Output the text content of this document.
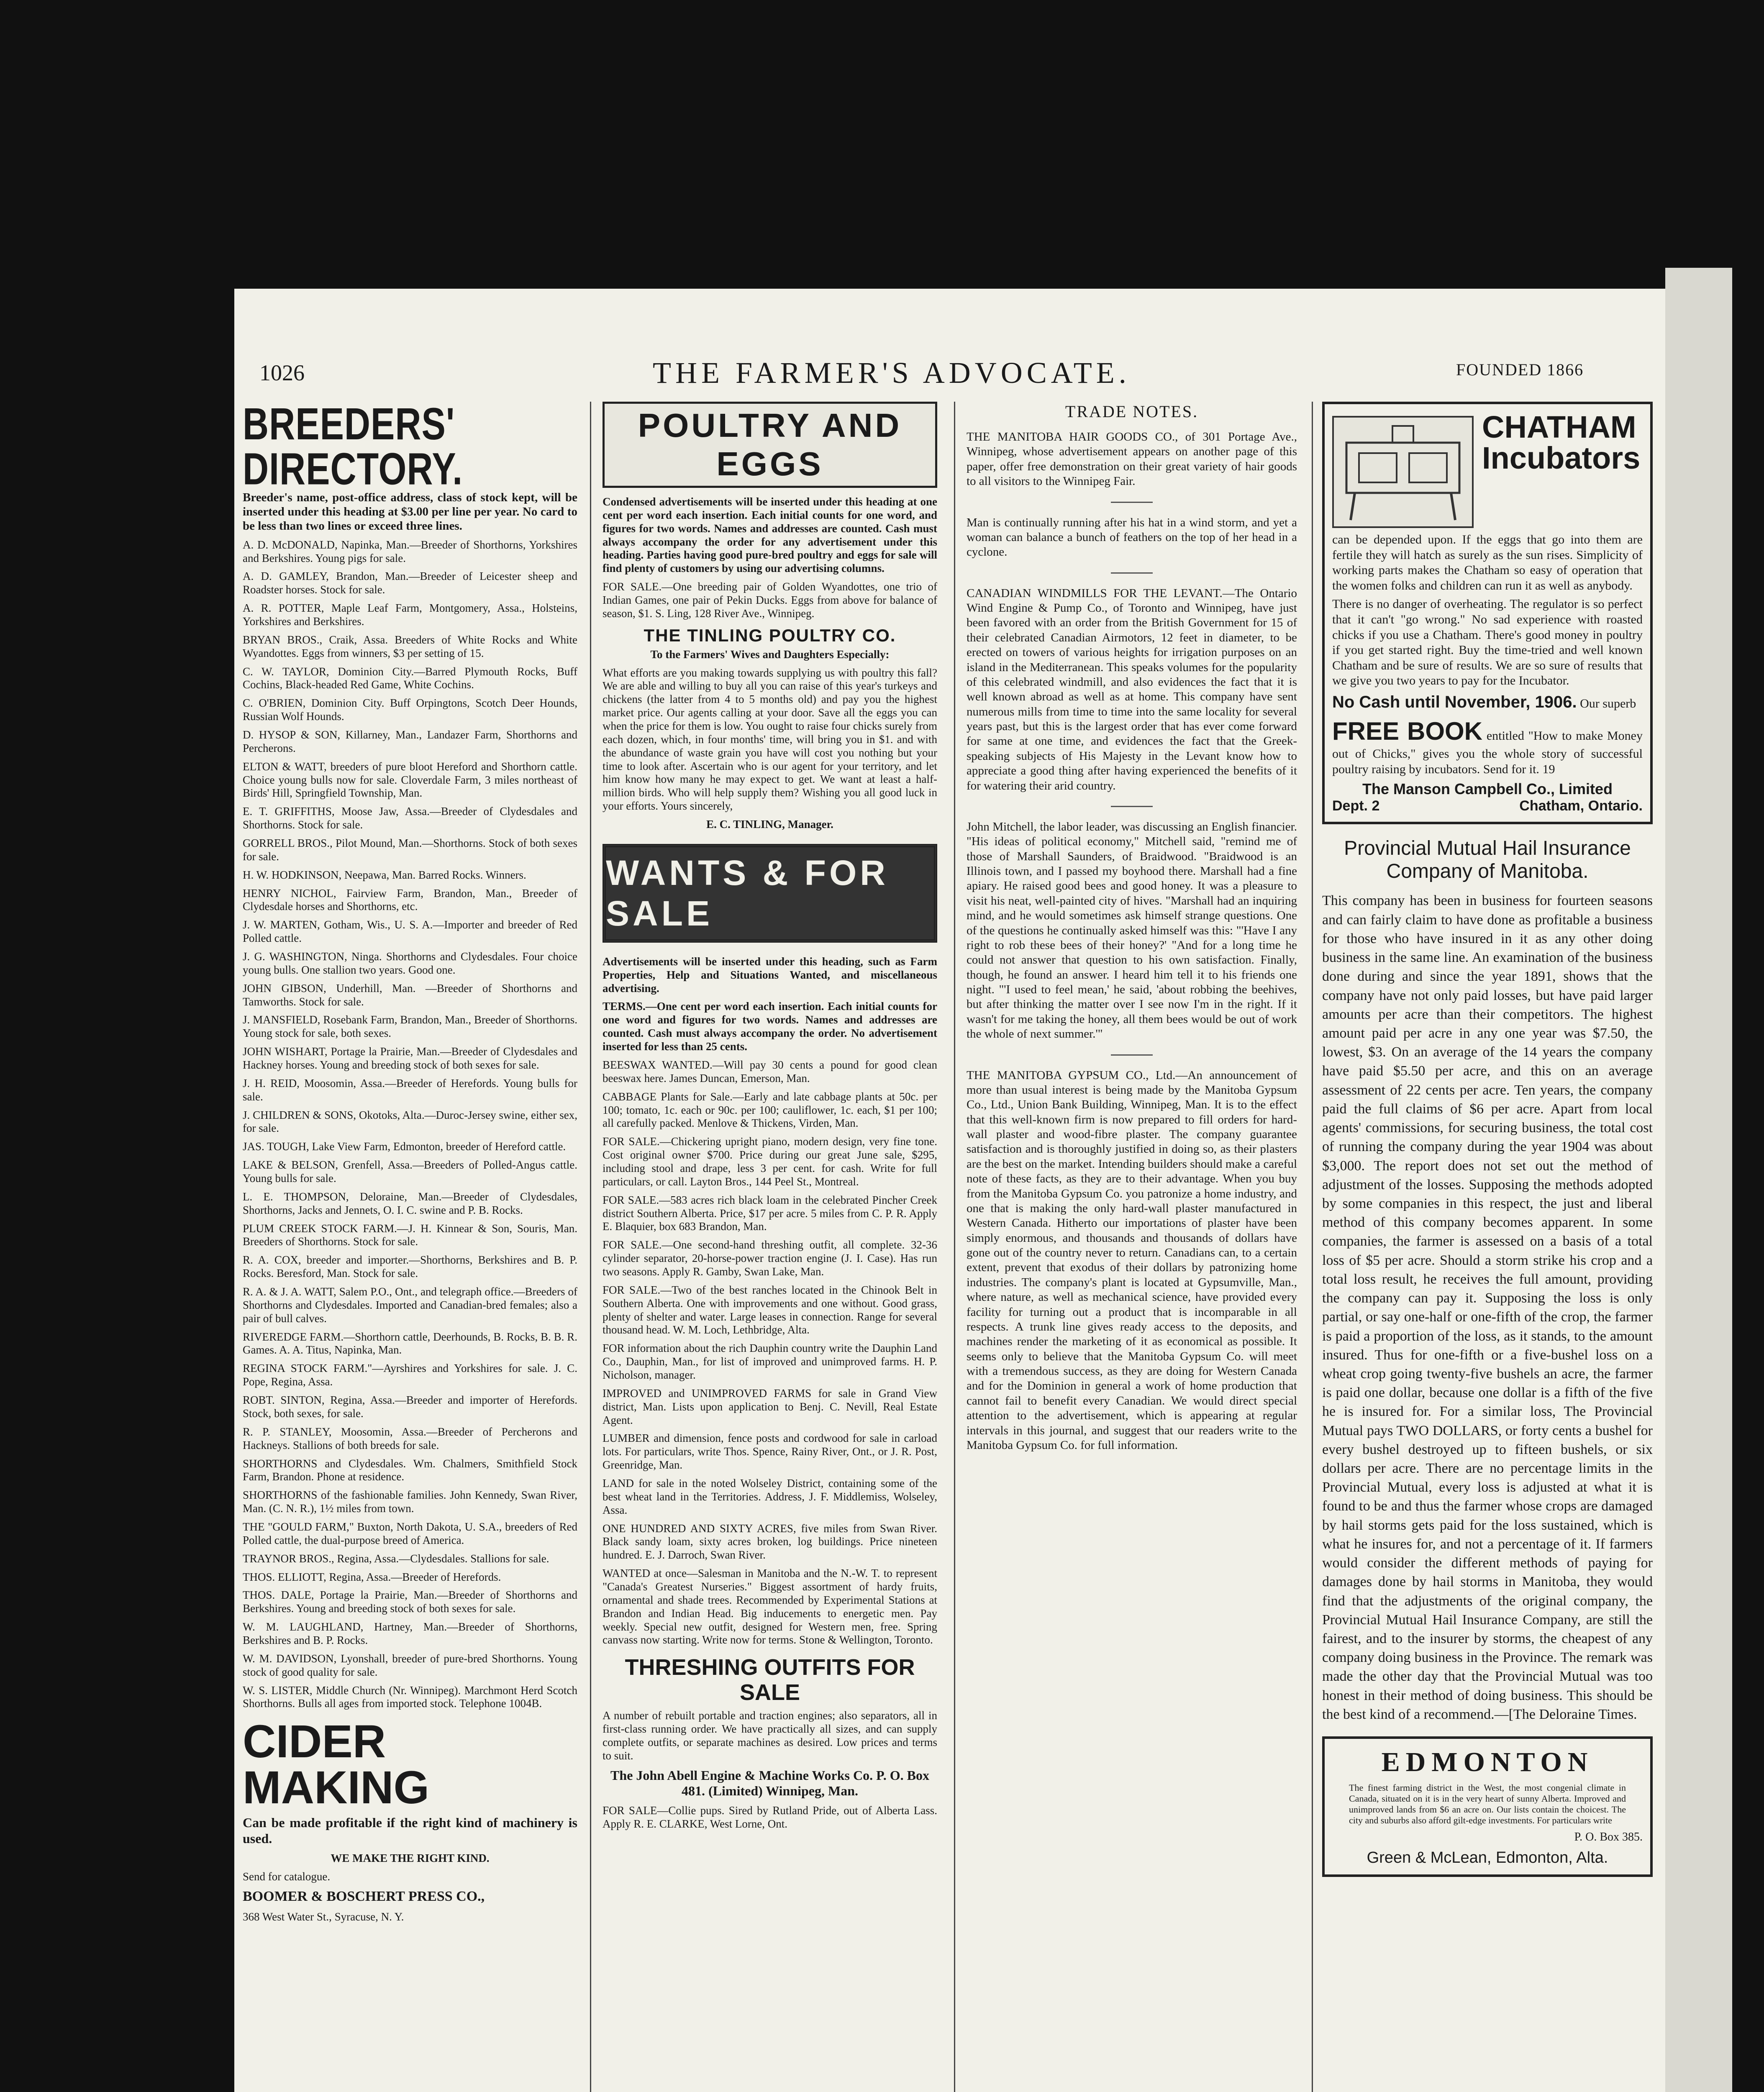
1026	THE FARMER'S ADVOCATE.	FOUNDED 1866
BREEDERS' DIRECTORY.
Breeder's name, post-office address, class of stock kept, will be inserted under this heading at $3.00 per line per year. No card to be less than two lines or exceed three lines.
A. D. McDONALD, Napinka, Man.—Breeder of Shorthorns, Yorkshires and Berkshires. Young pigs for sale.
A. D. GAMLEY, Brandon, Man.—Breeder of Leicester sheep and Roadster horses. Stock for sale.
A. R. POTTER, Maple Leaf Farm, Montgomery, Assa., Holsteins, Yorkshires and Berkshires.
BRYAN BROS., Craik, Assa. Breeders of White Rocks and White Wyandottes. Eggs from winners, $3 per setting of 15.
C. W. TAYLOR, Dominion City.—Barred Plymouth Rocks, Buff Cochins, Black-headed Red Game, White Cochins.
C. O'BRIEN, Dominion City. Buff Orpingtons, Scotch Deer Hounds, Russian Wolf Hounds.
D. HYSOP & SON, Killarney, Man., Landazer Farm, Shorthorns and Percherons.
ELTON & WATT, breeders of pure bloot Hereford and Shorthorn cattle. Choice young bulls now for sale. Cloverdale Farm, 3 miles northeast of Birds' Hill, Springfield Township, Man.
E. T. GRIFFITHS, Moose Jaw, Assa.—Breeder of Clydesdales and Shorthorns. Stock for sale.
GORRELL BROS., Pilot Mound, Man.—Shorthorns. Stock of both sexes for sale.
H. W. HODKINSON, Neepawa, Man. Barred Rocks. Winners.
HENRY NICHOL, Fairview Farm, Brandon, Man., Breeder of Clydesdale horses and Shorthorns, etc.
J. W. MARTEN, Gotham, Wis., U. S. A.—Importer and breeder of Red Polled cattle.
J. G. WASHINGTON, Ninga. Shorthorns and Clydesdales. Four choice young bulls. One stallion two years. Good one.
JOHN GIBSON, Underhill, Man. —Breeder of Shorthorns and Tamworths. Stock for sale.
J. MANSFIELD, Rosebank Farm, Brandon, Man., Breeder of Shorthorns. Young stock for sale, both sexes.
JOHN WISHART, Portage la Prairie, Man.—Breeder of Clydesdales and Hackney horses. Young and breeding stock of both sexes for sale.
J. H. REID, Moosomin, Assa.—Breeder of Herefords. Young bulls for sale.
J. CHILDREN & SONS, Okotoks, Alta.—Duroc-Jersey swine, either sex, for sale.
JAS. TOUGH, Lake View Farm, Edmonton, breeder of Hereford cattle.
LAKE & BELSON, Grenfell, Assa.—Breeders of Polled-Angus cattle. Young bulls for sale.
L. E. THOMPSON, Deloraine, Man.—Breeder of Clydesdales, Shorthorns, Jacks and Jennets, O. I. C. swine and P. B. Rocks.
PLUM CREEK STOCK FARM.—J. H. Kinnear & Son, Souris, Man. Breeders of Shorthorns. Stock for sale.
R. A. COX, breeder and importer.—Shorthorns, Berkshires and B. P. Rocks. Beresford, Man. Stock for sale.
R. A. & J. A. WATT, Salem P.O., Ont., and telegraph office.—Breeders of Shorthorns and Clydesdales. Imported and Canadian-bred females; also a pair of bull calves.
RIVEREDGE FARM.—Shorthorn cattle, Deerhounds, B. Rocks, B. B. R. Games. A. A. Titus, Napinka, Man.
REGINA STOCK FARM."—Ayrshires and Yorkshires for sale. J. C. Pope, Regina, Assa.
ROBT. SINTON, Regina, Assa.—Breeder and importer of Herefords. Stock, both sexes, for sale.
R. P. STANLEY, Moosomin, Assa.—Breeder of Percherons and Hackneys. Stallions of both breeds for sale.
SHORTHORNS and Clydesdales. Wm. Chalmers, Smithfield Stock Farm, Brandon. Phone at residence.
SHORTHORNS of the fashionable families. John Kennedy, Swan River, Man. (C. N. R.), 1½ miles from town.
THE "GOULD FARM," Buxton, North Dakota, U. S.A., breeders of Red Polled cattle, the dual-purpose breed of America.
TRAYNOR BROS., Regina, Assa.—Clydesdales. Stallions for sale.
THOS. ELLIOTT, Regina, Assa.—Breeder of Herefords.
THOS. DALE, Portage la Prairie, Man.—Breeder of Shorthorns and Berkshires. Young and breeding stock of both sexes for sale.
W. M. LAUGHLAND, Hartney, Man.—Breeder of Shorthorns, Berkshires and B. P. Rocks.
W. M. DAVIDSON, Lyonshall, breeder of pure-bred Shorthorns. Young stock of good quality for sale.
W. S. LISTER, Middle Church (Nr. Winnipeg). Marchmont Herd Scotch Shorthorns. Bulls all ages from imported stock. Telephone 1004B.
CIDER MAKING
Can be made profitable if the right kind of machinery is used.
WE MAKE THE RIGHT KIND.
Send for catalogue.
BOOMER & BOSCHERT PRESS CO.,
368 West Water St., Syracuse, N. Y.
POULTRY AND EGGS
Condensed advertisements will be inserted under this heading at one cent per word each insertion. Each initial counts for one word, and figures for two words. Names and addresses are counted. Cash must always accompany the order for any advertisement under this heading. Parties having good pure-bred poultry and eggs for sale will find plenty of customers by using our advertising columns.
FOR SALE.—One breeding pair of Golden Wyandottes, one trio of Indian Games, one pair of Pekin Ducks. Eggs from above for balance of season, $1. S. Ling, 128 River Ave., Winnipeg.
THE TINLING POULTRY CO.
To the Farmers' Wives and Daughters Especially:
What efforts are you making towards supplying us with poultry this fall? We are able and willing to buy all you can raise of this year's turkeys and chickens (the latter from 4 to 5 months old) and pay you the highest market price. Our agents calling at your door. Save all the eggs you can when the price for them is low. You ought to raise four chicks surely from each dozen, which, in four months' time, will bring you in $1. and with the abundance of waste grain you have will cost you nothing but your time to look after. Ascertain who is our agent for your territory, and let him know how many he may expect to get. We want at least a half-million birds. Who will help supply them? Wishing you all good luck in your efforts. Yours sincerely,
E. C. TINLING, Manager.
WANTS & FOR SALE
Advertisements will be inserted under this heading, such as Farm Properties, Help and Situations Wanted, and miscellaneous advertising.
TERMS.—One cent per word each insertion. Each initial counts for one word and figures for two words. Names and addresses are counted. Cash must always accompany the order. No advertisement inserted for less than 25 cents.
BEESWAX WANTED.—Will pay 30 cents a pound for good clean beeswax here. James Duncan, Emerson, Man.
CABBAGE Plants for Sale.—Early and late cabbage plants at 50c. per 100; tomato, 1c. each or 90c. per 100; cauliflower, 1c. each, $1 per 100; all carefully packed. Menlove & Thickens, Virden, Man.
FOR SALE.—Chickering upright piano, modern design, very fine tone. Cost original owner $700. Price during our great June sale, $295, including stool and drape, less 3 per cent. for cash. Write for full particulars, or call. Layton Bros., 144 Peel St., Montreal.
FOR SALE.—583 acres rich black loam in the celebrated Pincher Creek district Southern Alberta. Price, $17 per acre. 5 miles from C. P. R. Apply E. Blaquier, box 683 Brandon, Man.
FOR SALE.—One second-hand threshing outfit, all complete. 32-36 cylinder separator, 20-horse-power traction engine (J. I. Case). Has run two seasons. Apply R. Gamby, Swan Lake, Man.
FOR SALE.—Two of the best ranches located in the Chinook Belt in Southern Alberta. One with improvements and one without. Good grass, plenty of shelter and water. Large leases in connection. Range for several thousand head. W. M. Loch, Lethbridge, Alta.
FOR information about the rich Dauphin country write the Dauphin Land Co., Dauphin, Man., for list of improved and unimproved farms. H. P. Nicholson, manager.
IMPROVED and UNIMPROVED FARMS for sale in Grand View district, Man. Lists upon application to Benj. C. Nevill, Real Estate Agent.
LUMBER and dimension, fence posts and cordwood for sale in carload lots. For particulars, write Thos. Spence, Rainy River, Ont., or J. R. Post, Greenridge, Man.
LAND for sale in the noted Wolseley District, containing some of the best wheat land in the Territories. Address, J. F. Middlemiss, Wolseley, Assa.
ONE HUNDRED AND SIXTY ACRES, five miles from Swan River. Black sandy loam, sixty acres broken, log buildings. Price nineteen hundred. E. J. Darroch, Swan River.
WANTED at once—Salesman in Manitoba and the N.-W. T. to represent "Canada's Greatest Nurseries." Biggest assortment of hardy fruits, ornamental and shade trees. Recommended by Experimental Stations at Brandon and Indian Head. Big inducements to energetic men. Pay weekly. Special new outfit, designed for Western men, free. Spring canvass now starting. Write now for terms. Stone & Wellington, Toronto.
THRESHING OUTFITS FOR SALE
A number of rebuilt portable and traction engines; also separators, all in first-class running order. We have practically all sizes, and can supply complete outfits, or separate machines as desired. Low prices and terms to suit.
The John Abell Engine & Machine Works Co. P. O. Box 481. (Limited) Winnipeg, Man.
FOR SALE—Collie pups. Sired by Rutland Pride, out of Alberta Lass. Apply R. E. CLARKE, West Lorne, Ont.
TRADE NOTES.

THE MANITOBA HAIR GOODS CO., of 301 Portage Ave., Winnipeg, whose advertisement appears on another page of this paper, offer free demonstration on their great variety of hair goods to all visitors to the Winnipeg Fair.

Man is continually running after his hat in a wind storm, and yet a woman can balance a bunch of feathers on the top of her head in a cyclone.

CANADIAN WINDMILLS FOR THE LEVANT.—The Ontario Wind Engine & Pump Co., of Toronto and Winnipeg, have just been favored with an order from the British Government for 15 of their celebrated Canadian Airmotors, 12 feet in diameter, to be erected on towers of various heights for irrigation purposes on an island in the Mediterranean. This speaks volumes for the popularity of this celebrated windmill, and also evidences the fact that it is well known abroad as well as at home. This company have sent numerous mills from time to time into the same locality for several years past, but this is the largest order that has ever come forward for same at one time, and evidences the fact that the Greek-speaking subjects of His Majesty in the Levant know how to appreciate a good thing after having experienced the benefits of it for watering their arid country.

John Mitchell, the labor leader, was discussing an English financier. "His ideas of political economy," Mitchell said, "remind me of those of Marshall Saunders, of Braidwood. "Braidwood is an Illinois town, and I passed my boyhood there. Marshall had a fine apiary. He raised good bees and good honey. It was a pleasure to visit his neat, well-painted city of hives. "Marshall had an inquiring mind, and he would sometimes ask himself strange questions. One of the questions he continually asked himself was this: "'Have I any right to rob these bees of their honey?' "And for a long time he could not answer that question to his own satisfaction. Finally, though, he found an answer. I heard him tell it to his friends one night. "'I used to feel mean,' he said, 'about robbing the beehives, but after thinking the matter over I see now I'm in the right. If it wasn't for me taking the honey, all them bees would be out of work the whole of next summer.'"

THE MANITOBA GYPSUM CO., Ltd.—An announcement of more than usual interest is being made by the Manitoba Gypsum Co., Ltd., Union Bank Building, Winnipeg, Man. It is to the effect that this well-known firm is now prepared to fill orders for hard-wall plaster and wood-fibre plaster. The company guarantee satisfaction and is thoroughly justified in doing so, as their plasters are the best on the market. Intending builders should make a careful note of these facts, as they are to their advantage. When you buy from the Manitoba Gypsum Co. you patronize a home industry, and one that is making the only hard-wall plaster manufactured in Western Canada. Hitherto our importations of plaster have been simply enormous, and thousands and thousands of dollars have gone out of the country never to return. Canadians can, to a certain extent, prevent that exodus of their dollars by patronizing home industries. The company's plant is located at Gypsumville, Man., where nature, as well as mechanical science, have provided every facility for turning out a product that is incomparable in all respects. A trunk line gives ready access to the deposits, and machines render the marketing of it as economical as possible. It seems only to believe that the Manitoba Gypsum Co. will meet with a tremendous success, as they are doing for Western Canada and for the Dominion in general a work of home production that cannot fail to benefit every Canadian. We would direct special attention to the advertisement, which is appearing at regular intervals in this journal, and suggest that our readers write to the Manitoba Gypsum Co. for full information.

CHATHAM Incubators

can be depended upon. If the eggs that go into them are fertile they will hatch as surely as the sun rises. Simplicity of working parts makes the Chatham so easy of operation that the women folks and children can run it as well as anybody.

There is no danger of overheating. The regulator is so perfect that it can't "go wrong." No sad experience with roasted chicks if you use a Chatham. There's good money in poultry if you get started right. Buy the time-tried and well known Chatham and be sure of results. We are so sure of results that we give you two years to pay for the Incubator.

No Cash until November, 1906. Our superb

FREE BOOK entitled "How to make Money out of Chicks," gives you the whole story of successful poultry raising by incubators. Send for it. 19

The Manson Campbell Co., Limited
Dept. 2	Chatham, Ontario.
Provincial Mutual Hail Insurance Company of Manitoba.
This company has been in business for fourteen seasons and can fairly claim to have done as profitable a business for those who have insured in it as any other doing business in the same line. An examination of the business done during and since the year 1891, shows that the company have not only paid losses, but have paid larger amounts per acre than their competitors. The highest amount paid per acre in any one year was $7.50, the lowest, $3. On an average of the 14 years the company have paid $5.50 per acre, and this on an average assessment of 22 cents per acre. Ten years, the company paid the full claims of $6 per acre. Apart from local agents' commissions, for securing business, the total cost of running the company during the year 1904 was about $3,000. The report does not set out the method of adjustment of the losses. Supposing the methods adopted by some companies in this respect, the just and liberal method of this company becomes apparent. In some companies, the farmer is assessed on a basis of a total loss of $5 per acre. Should a storm strike his crop and a total loss result, he receives the full amount, providing the company can pay it. Supposing the loss is only partial, or say one-half or one-fifth of the crop, the farmer is paid a proportion of the loss, as it stands, to the amount insured. Thus for one-fifth or a five-bushel loss on a wheat crop going twenty-five bushels an acre, the farmer is paid one dollar, because one dollar is a fifth of the five he is insured for. For a similar loss, The Provincial Mutual pays TWO DOLLARS, or forty cents a bushel for every bushel destroyed up to fifteen bushels, or six dollars per acre. There are no percentage limits in the Provincial Mutual, every loss is adjusted at what it is found to be and thus the farmer whose crops are damaged by hail storms gets paid for the loss sustained, which is what he insures for, and not a percentage of it. If farmers would consider the different methods of paying for damages done by hail storms in Manitoba, they would find that the adjustments of the original company, the Provincial Mutual Hail Insurance Company, are still the fairest, and to the insurer by storms, the cheapest of any company doing business in the Province. The remark was made the other day that the Provincial Mutual was too honest in their method of doing business. This should be the best kind of a recommend.—[The Deloraine Times.
EDMONTON
The finest farming district in the West, the most congenial climate in Canada, situated on it is in the very heart of sunny Alberta. Improved and unimproved lands from $6 an acre on. Our lists contain the choicest. The city and suburbs also afford gilt-edge investments. For particulars write
P. O. Box 385.
Green & McLean, Edmonton, Alta.
